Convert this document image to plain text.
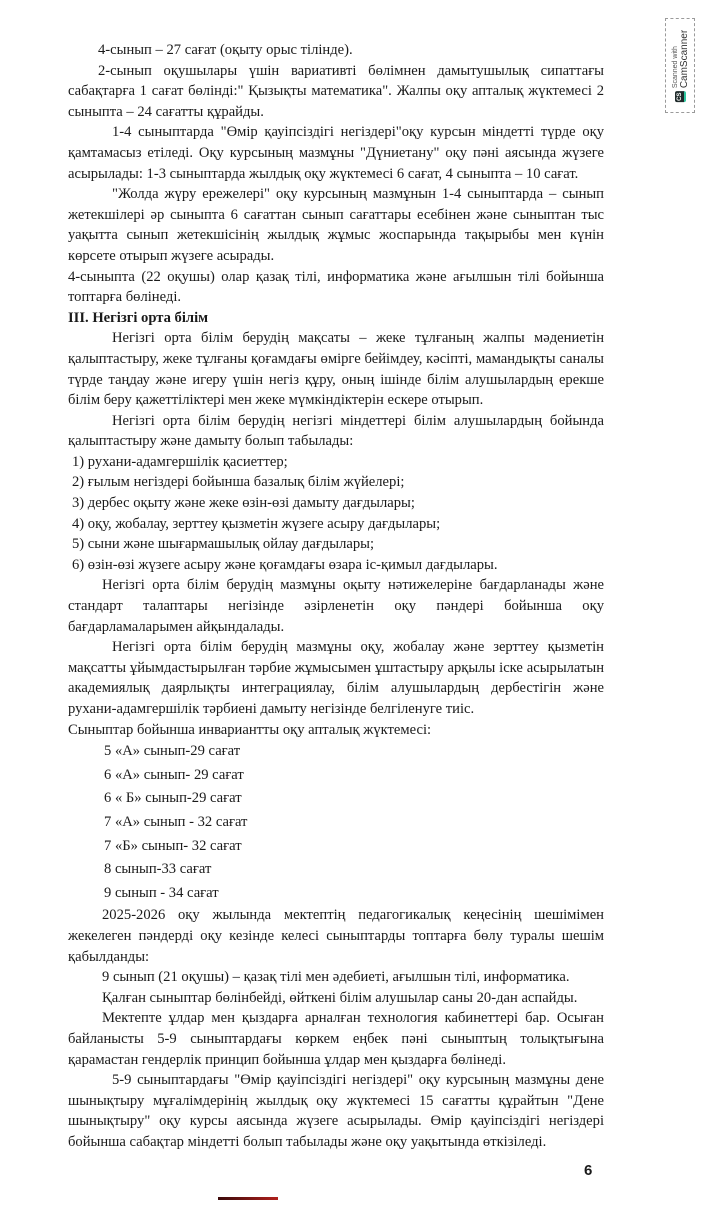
CS
Scanned with CamScanner

4-сынып – 27 сағат (оқыту орыс тілінде).

2-сынып оқушылары үшін вариативті бөлімнен дамытушылық сипаттағы сабақтарға 1 сағат бөлінді:" Қызықты математика". Жалпы оқу апталық жүктемесі 2 сыныпта – 24 сағатты құрайды.

1-4 сыныптарда "Өмір қауіпсіздігі негіздері"оқу курсын міндетті түрде оқу қамтамасыз етіледі. Оқу курсының мазмұны "Дүниетану" оқу пәні аясында жүзеге асырылады: 1-3 сыныптарда жылдық оқу жүктемесі 6 сағат, 4 сыныпта – 10 сағат.

"Жолда жүру ережелері" оқу курсының мазмұнын 1-4 сыныптарда – сынып жетекшілері әр сыныпта 6 сағаттан сынып сағаттары есебінен және сыныптан тыс уақытта сынып жетекшісінің жылдық жұмыс жоспарында тақырыбы мен күнін көрсете отырып жүзеге асырады.

4-сыныпта (22 оқушы) олар қазақ тілі, информатика және ағылшын тілі бойынша топтарға бөлінеді.

III. Негізгі орта білім

Негізгі орта білім берудің мақсаты – жеке тұлғаның жалпы мәдениетін қалыптастыру, жеке тұлғаны қоғамдағы өмірге бейімдеу, кәсіпті, мамандықты саналы түрде таңдау және игеру үшін негіз құру, оның ішінде білім алушылардың ерекше білім беру қажеттіліктері мен жеке мүмкіндіктерін ескере отырып.

Негізгі орта білім берудің негізгі міндеттері білім алушылардың бойында қалыптастыру және дамыту болып табылады:

1) рухани-адамгершілік қасиеттер;

2) ғылым негіздері бойынша базалық білім жүйелері;

3) дербес оқыту және жеке өзін-өзі дамыту дағдылары;

4) оқу, жобалау, зерттеу қызметін жүзеге асыру дағдылары;

5) сыни және шығармашылық ойлау дағдылары;

6) өзін-өзі жүзеге асыру және қоғамдағы өзара іс-қимыл дағдылары.

Негізгі орта білім берудің мазмұны оқыту нәтижелеріне бағдарланады және стандарт талаптары негізінде әзірленетін оқу пәндері бойынша оқу бағдарламаларымен айқындалады.

Негізгі орта білім берудің мазмұны оқу, жобалау және зерттеу қызметін мақсатты ұйымдастырылған тәрбие жұмысымен ұштастыру арқылы іске асырылатын академиялық даярлықты интеграциялау, білім алушылардың дербестігін және рухани-адамгершілік тәрбиені дамыту негізінде белгіленуге тиіс.

Сыныптар бойынша инвариантты оқу апталық жүктемесі:

5 «А» сынып-29 сағат

6 «А» сынып- 29 сағат

6 « Б» сынып-29 сағат

7 «А» сынып - 32 сағат

7 «Б» сынып- 32 сағат

8 сынып-33 сағат

9 сынып - 34 сағат

2025-2026 оқу жылында мектептің педагогикалық кеңесінің шешімімен жекелеген пәндерді оқу кезінде келесі сыныптарды топтарға бөлу туралы шешім қабылданды:

9 сынып (21 оқушы) – қазақ тілі мен әдебиеті, ағылшын тілі, информатика.

Қалған сыныптар бөлінбейді, өйткені білім алушылар саны 20-дан аспайды.

Мектепте ұлдар мен қыздарға арналған технология кабинеттері бар. Осыған байланысты 5-9 сыныптардағы көркем еңбек пәні сыныптың толықтығына қарамастан гендерлік принцип бойынша ұлдар мен қыздарға бөлінеді.

5-9 сыныптардағы "Өмір қауіпсіздігі негіздері" оқу курсының мазмұны дене шынықтыру мұғалімдерінің жылдық оқу жүктемесі 15 сағатты құрайтын "Дене шынықтыру" оқу курсы аясында жүзеге асырылады. Өмір қауіпсіздігі негіздері бойынша сабақтар міндетті болып табылады және оқу уақытында өткізіледі.

6
